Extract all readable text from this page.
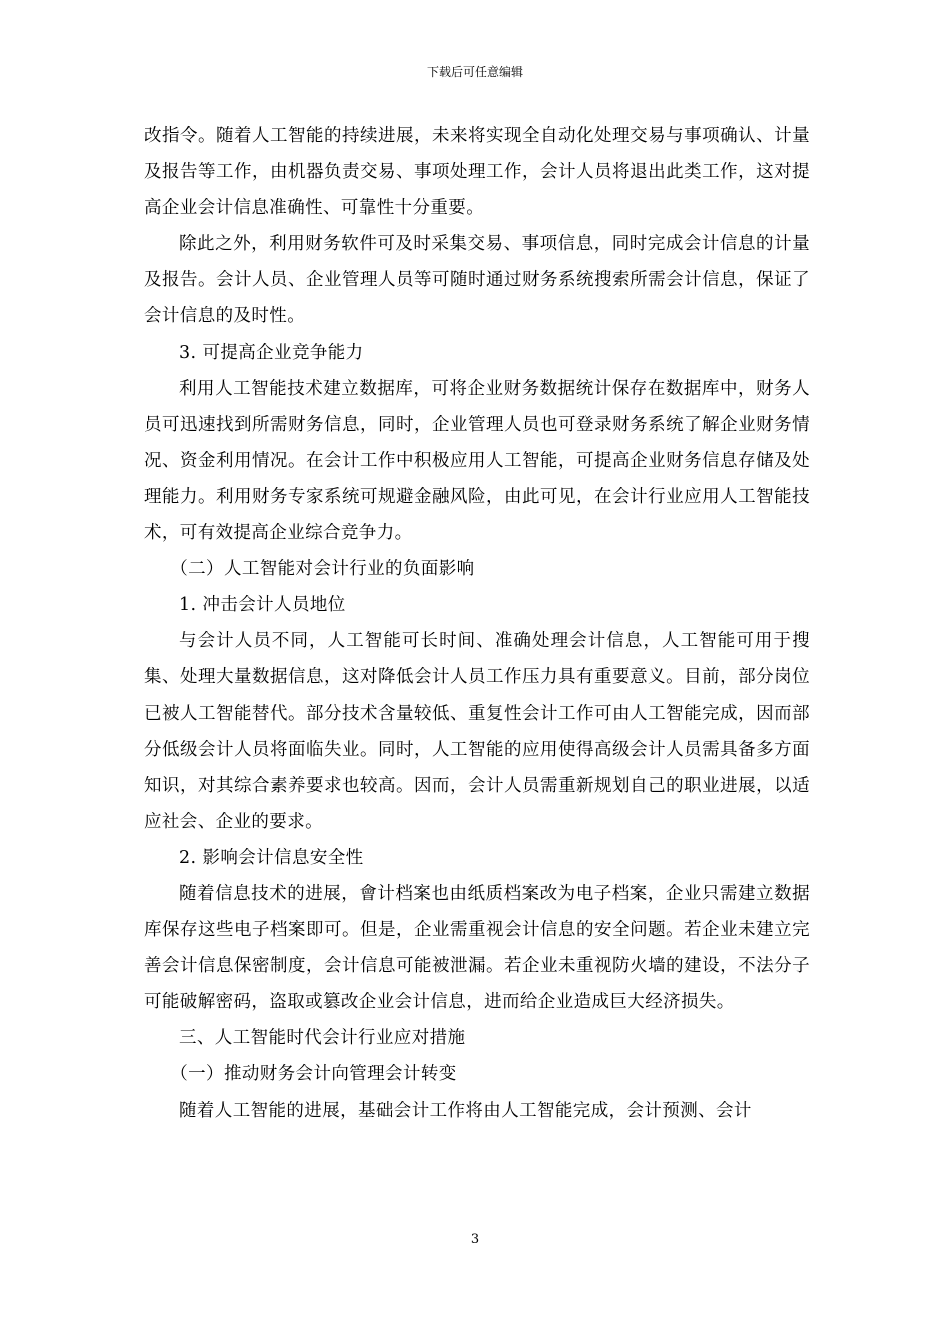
下载后可任意编辑

改指令。随着人工智能的持续进展，未来将实现全自动化处理交易与事项确认、计量及报告等工作，由机器负责交易、事项处理工作，会计人员将退出此类工作，这对提高企业会计信息准确性、可靠性十分重要。

除此之外，利用财务软件可及时采集交易、事项信息，同时完成会计信息的计量及报告。会计人员、企业管理人员等可随时通过财务系统搜索所需会计信息，保证了会计信息的及时性。

3. 可提高企业竞争能力

利用人工智能技术建立数据库，可将企业财务数据统计保存在数据库中，财务人员可迅速找到所需财务信息，同时，企业管理人员也可登录财务系统了解企业财务情况、资金利用情况。在会计工作中积极应用人工智能，可提高企业财务信息存储及处理能力。利用财务专家系统可规避金融风险，由此可见，在会计行业应用人工智能技术，可有效提高企业综合竞争力。

（二）人工智能对会计行业的负面影响

1. 冲击会计人员地位

与会计人员不同，人工智能可长时间、准确处理会计信息，人工智能可用于搜集、处理大量数据信息，这对降低会计人员工作压力具有重要意义。目前，部分岗位已被人工智能替代。部分技术含量较低、重复性会计工作可由人工智能完成，因而部分低级会计人员将面临失业。同时，人工智能的应用使得高级会计人员需具备多方面知识，对其综合素养要求也较高。因而，会计人员需重新规划自己的职业进展，以适应社会、企业的要求。

2. 影响会计信息安全性

随着信息技术的进展，會计档案也由纸质档案改为电子档案，企业只需建立数据库保存这些电子档案即可。但是，企业需重视会计信息的安全问题。若企业未建立完善会计信息保密制度，会计信息可能被泄漏。若企业未重视防火墙的建设，不法分子可能破解密码，盗取或篡改企业会计信息，进而给企业造成巨大经济损失。

三、人工智能时代会计行业应对措施

（一）推动财务会计向管理会计转变

随着人工智能的进展，基础会计工作将由人工智能完成，会计预测、会计

3
